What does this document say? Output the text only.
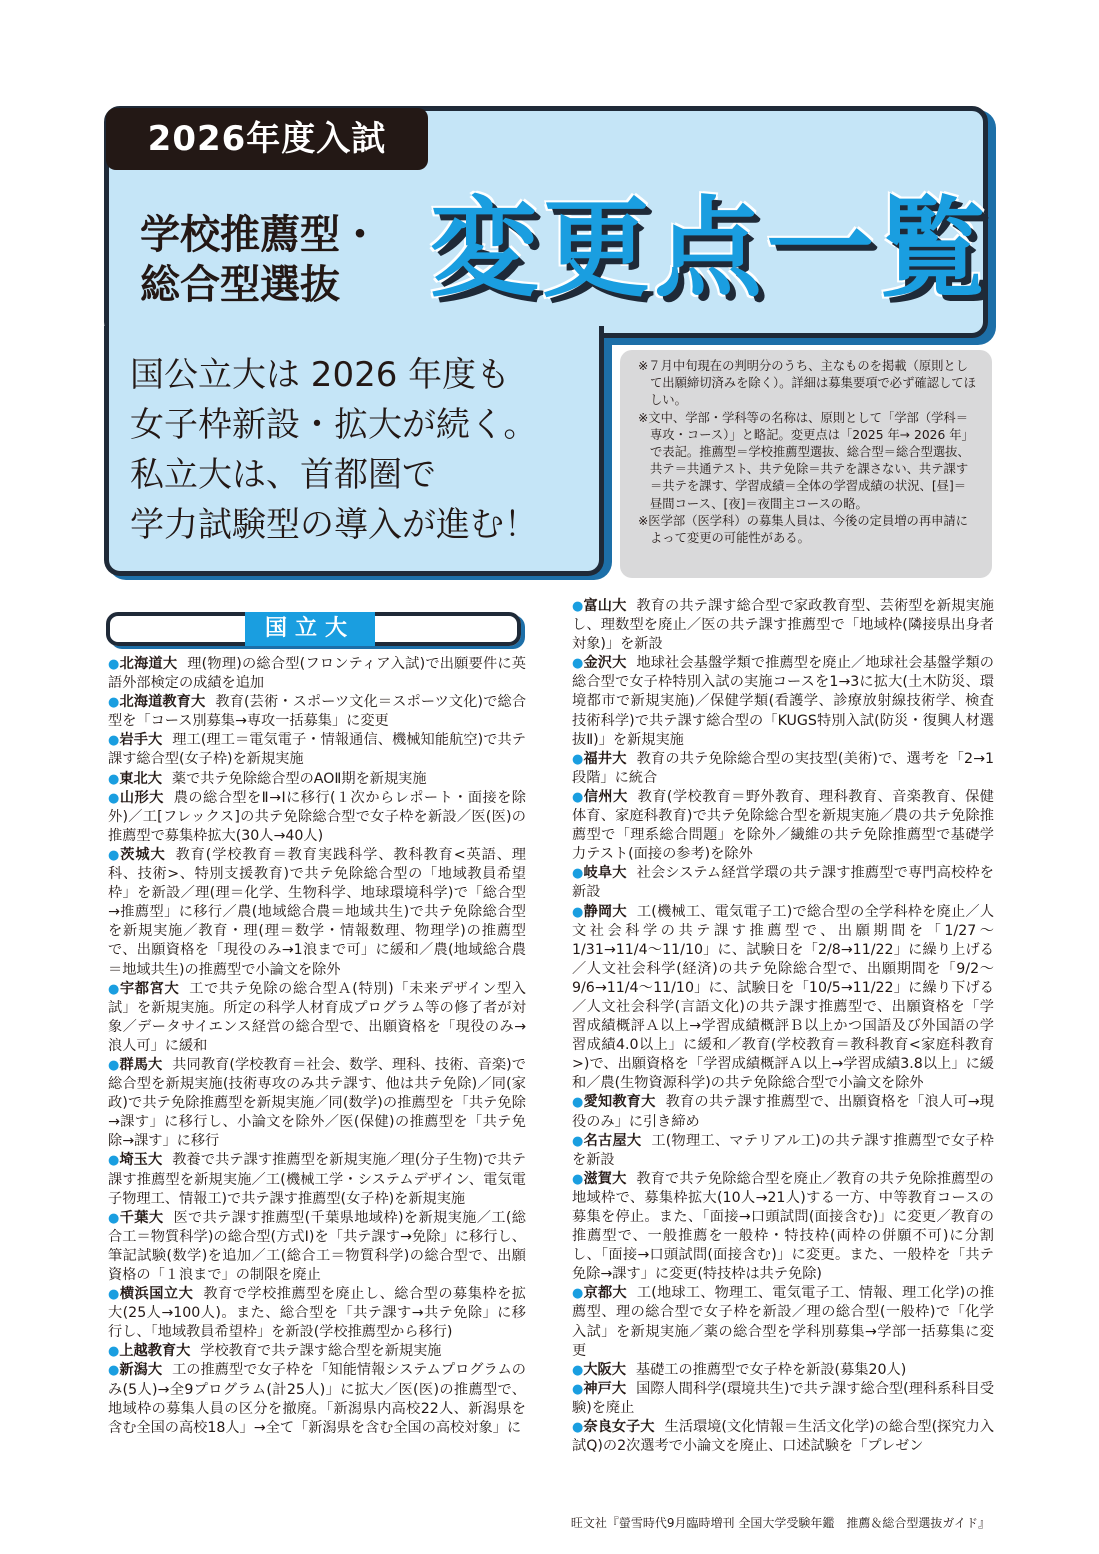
2026年度入試
学校推薦型・
総合型選抜 変更点一覧
国公立大は 2026 年度も
女子枠新設・拡大が続く。
私立大は、首都圏で
学力試験型の導入が進む！

※７月中旬現在の判明分のうち、主なものを掲載（原則として出願締切済みを除く）。詳細は募集要項で必ず確認してほしい。

※文中、学部・学科等の名称は、原則として「学部（学科＝専攻・コース）」と略記。変更点は「2025 年→ 2026 年」で表記。推薦型＝学校推薦型選抜、総合型＝総合型選抜、共テ＝共通テスト、共テ免除＝共テを課さない、共テ課す＝共テを課す、学習成績＝全体の学習成績の状況、[昼]＝昼間コース、[夜]＝夜間主コースの略。

※医学部（医学科）の募集人員は、今後の定員増の再申請によって変更の可能性がある。

国立大
●北海道大 理(物理)の総合型(フロンティア入試)で出願要件に英語外部検定の成績を追加
●北海道教育大 教育(芸術・スポーツ文化＝スポーツ文化)で総合型を「コース別募集→専攻一括募集」に変更
●岩手大 理工(理工＝電気電子・情報通信、機械知能航空)で共テ課す総合型(女子枠)を新規実施
●東北大 薬で共テ免除総合型のAOⅡ期を新規実施
●山形大 農の総合型をⅡ→Ⅰに移行(１次からレポート・面接を除外)／工[フレックス]の共テ免除総合型で女子枠を新設／医(医)の推薦型で募集枠拡大(30人→40人)
●茨城大 教育(学校教育＝教育実践科学、教科教育<英語、理科、技術>、特別支援教育)で共テ免除総合型の「地域教員希望枠」を新設／理(理＝化学、生物科学、地球環境科学)で「総合型→推薦型」に移行／農(地域総合農＝地域共生)で共テ免除総合型を新規実施／教育・理(理＝数学・情報数理、物理学)の推薦型で、出願資格を「現役のみ→1浪まで可」に緩和／農(地域総合農＝地域共生)の推薦型で小論文を除外
●宇都宮大 工で共テ免除の総合型Ａ(特別)「未来デザイン型入試」を新規実施。所定の科学人材育成プログラム等の修了者が対象／データサイエンス経営の総合型で、出願資格を「現役のみ→浪人可」に緩和
●群馬大 共同教育(学校教育＝社会、数学、理科、技術、音楽)で総合型を新規実施(技術専攻のみ共テ課す、他は共テ免除)／同(家政)で共テ免除推薦型を新規実施／同(数学)の推薦型を「共テ免除→課す」に移行し、小論文を除外／医(保健)の推薦型を「共テ免除→課す」に移行
●埼玉大 教養で共テ課す推薦型を新規実施／理(分子生物)で共テ課す推薦型を新規実施／工(機械工学・システムデザイン、電気電子物理工、情報工)で共テ課す推薦型(女子枠)を新規実施
●千葉大 医で共テ課す推薦型(千葉県地域枠)を新規実施／工(総合工＝物質科学)の総合型(方式Ⅰ)を「共テ課す→免除」に移行し、筆記試験(数学)を追加／工(総合工＝物質科学)の総合型で、出願資格の「１浪まで」の制限を廃止
●横浜国立大 教育で学校推薦型を廃止し、総合型の募集枠を拡大(25人→100人)。また、総合型を「共テ課す→共テ免除」に移行し、「地域教員希望枠」を新設(学校推薦型から移行)
●上越教育大 学校教育で共テ課す総合型を新規実施
●新潟大 工の推薦型で女子枠を「知能情報システムプログラムのみ(5人)→全9プログラム(計25人)」に拡大／医(医)の推薦型で、地域枠の募集人員の区分を撤廃。「新潟県内高校22人、新潟県を含む全国の高校18人」→全て「新潟県を含む全国の高校対象」に
●富山大 教育の共テ課す総合型で家政教育型、芸術型を新規実施し、理数型を廃止／医の共テ課す推薦型で「地域枠(隣接県出身者対象)」を新設
●金沢大 地球社会基盤学類で推薦型を廃止／地球社会基盤学類の総合型で女子枠特別入試の実施コースを1→3に拡大(土木防災、環境都市で新規実施)／保健学類(看護学、診療放射線技術学、検査技術科学)で共テ課す総合型の「KUGS特別入試(防災・復興人材選抜Ⅱ)」を新規実施
●福井大 教育の共テ免除総合型の実技型(美術)で、選考を「2→1段階」に統合
●信州大 教育(学校教育＝野外教育、理科教育、音楽教育、保健体育、家庭科教育)で共テ免除総合型を新規実施／農の共テ免除推薦型で「理系総合問題」を除外／繊維の共テ免除推薦型で基礎学力テスト(面接の参考)を除外
●岐阜大 社会システム経営学環の共テ課す推薦型で専門高校枠を新設
●静岡大 工(機械工、電気電子工)で総合型の全学科枠を廃止／人文社会科学の共テ課す推薦型で、出願期間を「1/27〜1/31→11/4〜11/10」に、試験日を「2/8→11/22」に繰り上げる／人文社会科学(経済)の共テ免除総合型で、出願期間を「9/2〜9/6→11/4〜11/10」に、試験日を「10/5→11/22」に繰り下げる／人文社会科学(言語文化)の共テ課す推薦型で、出願資格を「学習成績概評Ａ以上→学習成績概評Ｂ以上かつ国語及び外国語の学習成績4.0以上」に緩和／教育(学校教育＝教科教育<家庭科教育>)で、出願資格を「学習成績概評Ａ以上→学習成績3.8以上」に緩和／農(生物資源科学)の共テ免除総合型で小論文を除外
●愛知教育大 教育の共テ課す推薦型で、出願資格を「浪人可→現役のみ」に引き締め
●名古屋大 工(物理工、マテリアル工)の共テ課す推薦型で女子枠を新設
●滋賀大 教育で共テ免除総合型を廃止／教育の共テ免除推薦型の地域枠で、募集枠拡大(10人→21人)する一方、中等教育コースの募集を停止。また、「面接→口頭試問(面接含む)」に変更／教育の推薦型で、一般推薦を一般枠・特技枠(両枠の併願不可)に分割し、「面接→口頭試問(面接含む)」に変更。また、一般枠を「共テ免除→課す」に変更(特技枠は共テ免除)
●京都大 工(地球工、物理工、電気電子工、情報、理工化学)の推薦型、理の総合型で女子枠を新設／理の総合型(一般枠)で「化学入試」を新規実施／薬の総合型を学科別募集→学部一括募集に変更
●大阪大 基礎工の推薦型で女子枠を新設(募集20人)
●神戸大 国際人間科学(環境共生)で共テ課す総合型(理科系科目受験)を廃止
●奈良女子大 生活環境(文化情報＝生活文化学)の総合型(探究力入試Q)の2次選考で小論文を廃止、口述試験を「プレゼン
旺文社『螢雪時代9月臨時増刊 全国大学受験年鑑　推薦＆総合型選抜ガイド』
